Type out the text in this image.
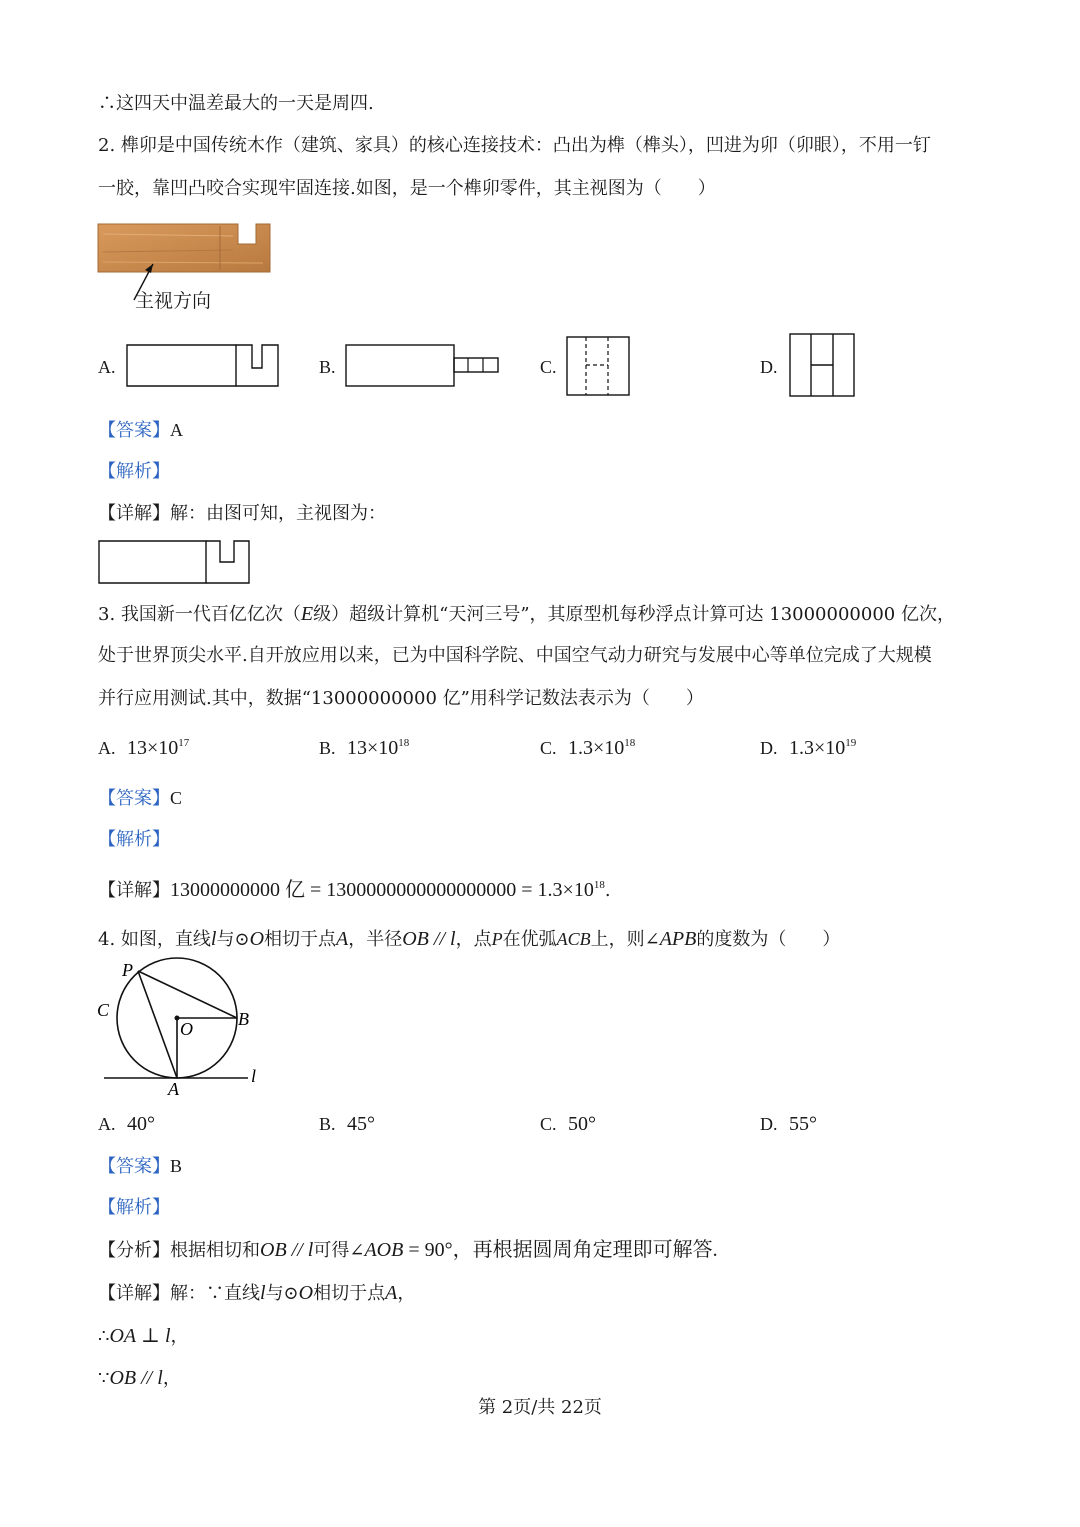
∴这四天中温差最大的一天是周四.
2. 榫卯是中国传统木作（建筑、家具）的核心连接技术：凸出为榫（榫头），凹进为卯（卯眼），不用一钉
一胶，靠凹凸咬合实现牢固连接.如图，是一个榫卯零件，其主视图为（　　）
主视方向
A.	B.	C.	D.
【答案】A
【解析】
【详解】解：由图可知，主视图为：
3. 我国新一代百亿亿次（E级）超级计算机“天河三号”，其原型机每秒浮点计算可达 13000000000 亿次，
处于世界顶尖水平.自开放应用以来，已为中国科学院、中国空气动力研究与发展中心等单位完成了大规模
并行应用测试.其中，数据“13000000000 亿”用科学记数法表示为（　　）
A. $13\times 10^{17}$	B. $13\times 10^{18}$	C. $1.3\times 10^{18}$	D. $1.3\times 10^{19}$
【答案】C
【解析】
【详解】13000000000 亿 = $1300000000000000000 = 1.3\times 10^{18}$.
4. 如图，直线l与⊙O相切于点A，半径OB // l，点P在优弧ACB上，则∠APB的度数为（　　）
P
C
O	B
A
l
A. 40°	B. 45°	C. 50°	D. 55°
【答案】B
【解析】
【分析】根据相切和OB // l可得∠AOB = 90°，再根据圆周角定理即可解答.
【详解】解：∵直线l与⊙O相切于点A，
∴OA ⊥ l，
∵OB // l，
第 2页/共 22页
